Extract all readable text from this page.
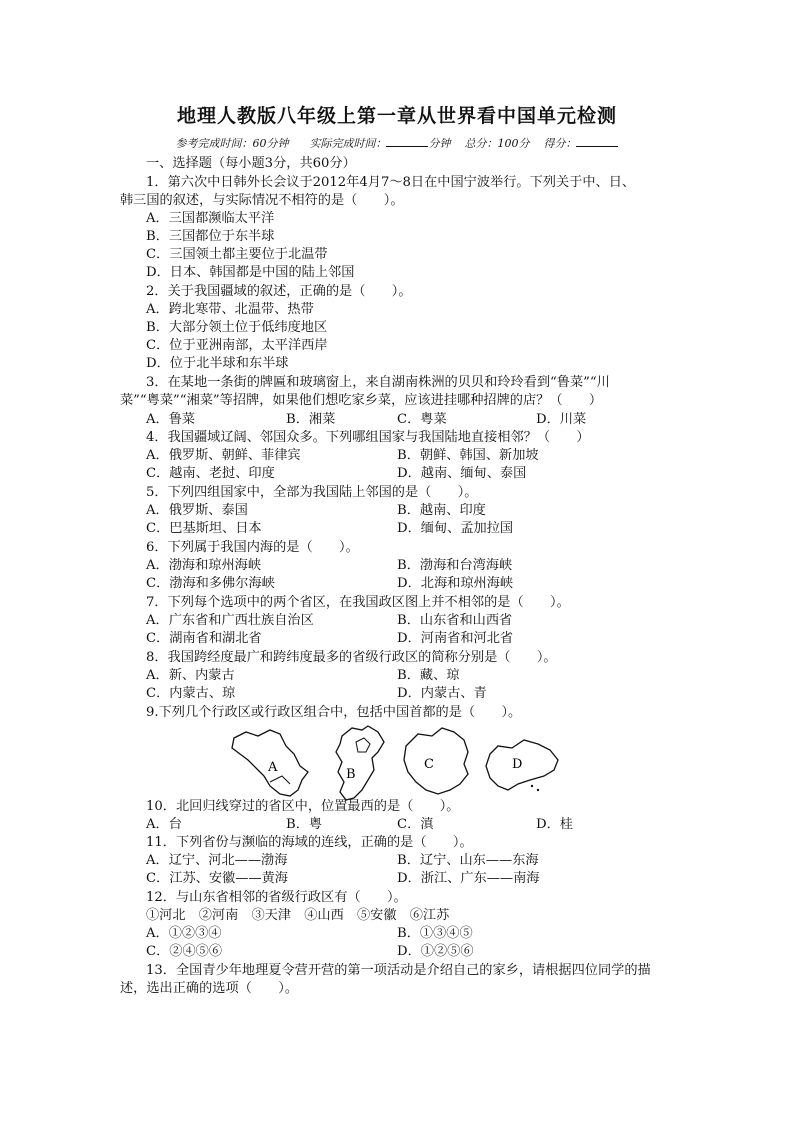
地理人教版八年级上第一章从世界看中国单元检测
参考完成时间：60分钟 实际完成时间：	分钟 总分：100分 得分：
一、选择题（每小题3分，共60分）
1．第六次中日韩外长会议于2012年4月7～8日在中国宁波举行。下列关于中、日、
韩三国的叙述，与实际情况不相符的是（　　）。
A．三国都濒临太平洋
B．三国都位于东半球
C．三国领土都主要位于北温带
D．日本、韩国都是中国的陆上邻国
2．关于我国疆域的叙述，正确的是（　　）。
A．跨北寒带、北温带、热带
B．大部分领土位于低纬度地区
C．位于亚洲南部，太平洋西岸
D．位于北半球和东半球
3．在某地一条街的牌匾和玻璃窗上，来自湖南株洲的贝贝和玲玲看到“鲁菜”“川
菜”“粤菜”“湘菜”等招牌，如果他们想吃家乡菜，应该进挂哪种招牌的店？（　　）
A．鲁菜	B．湘菜	C．粤菜	D．川菜
4．我国疆域辽阔、邻国众多。下列哪组国家与我国陆地直接相邻？（　　）
A．俄罗斯、朝鲜、菲律宾	B．朝鲜、韩国、新加坡
C．越南、老挝、印度	D．越南、缅甸、泰国
5．下列四组国家中，全部为我国陆上邻国的是（　　）。
A．俄罗斯、泰国	B．越南、印度
C．巴基斯坦、日本	D．缅甸、孟加拉国
6．下列属于我国内海的是（　　）。
A．渤海和琼州海峡	B．渤海和台湾海峡
C．渤海和多佛尔海峡	D．北海和琼州海峡
7．下列每个选项中的两个省区，在我国政区图上并不相邻的是（　　）。
A．广东省和广西壮族自治区	B．山东省和山西省
C．湖南省和湖北省	D．河南省和河北省
8．我国跨经度最广和跨纬度最多的省级行政区的简称分别是（　　）。
A．新、内蒙古	B．藏、琼
C．内蒙古、琼	D．内蒙古、青
9.下列几个行政区或行政区组合中，包括中国首都的是（　　）。
A	B
C	D
10．北回归线穿过的省区中，位置最西的是（　　）。
A．台	B．粤	C．滇	D．桂
11．下列省份与濒临的海域的连线，正确的是（　　）。
A．辽宁、河北——渤海	B．辽宁、山东——东海
C．江苏、安徽——黄海	D．浙江、广东——南海
12．与山东省相邻的省级行政区有（　　）。
①河北　②河南　③天津　④山西　⑤安徽　⑥江苏
A．①②③④	B．①③④⑤
C．②④⑤⑥	D．①②⑤⑥
13．全国青少年地理夏令营开营的第一项活动是介绍自己的家乡，请根据四位同学的描
述，选出正确的选项（　　）。
